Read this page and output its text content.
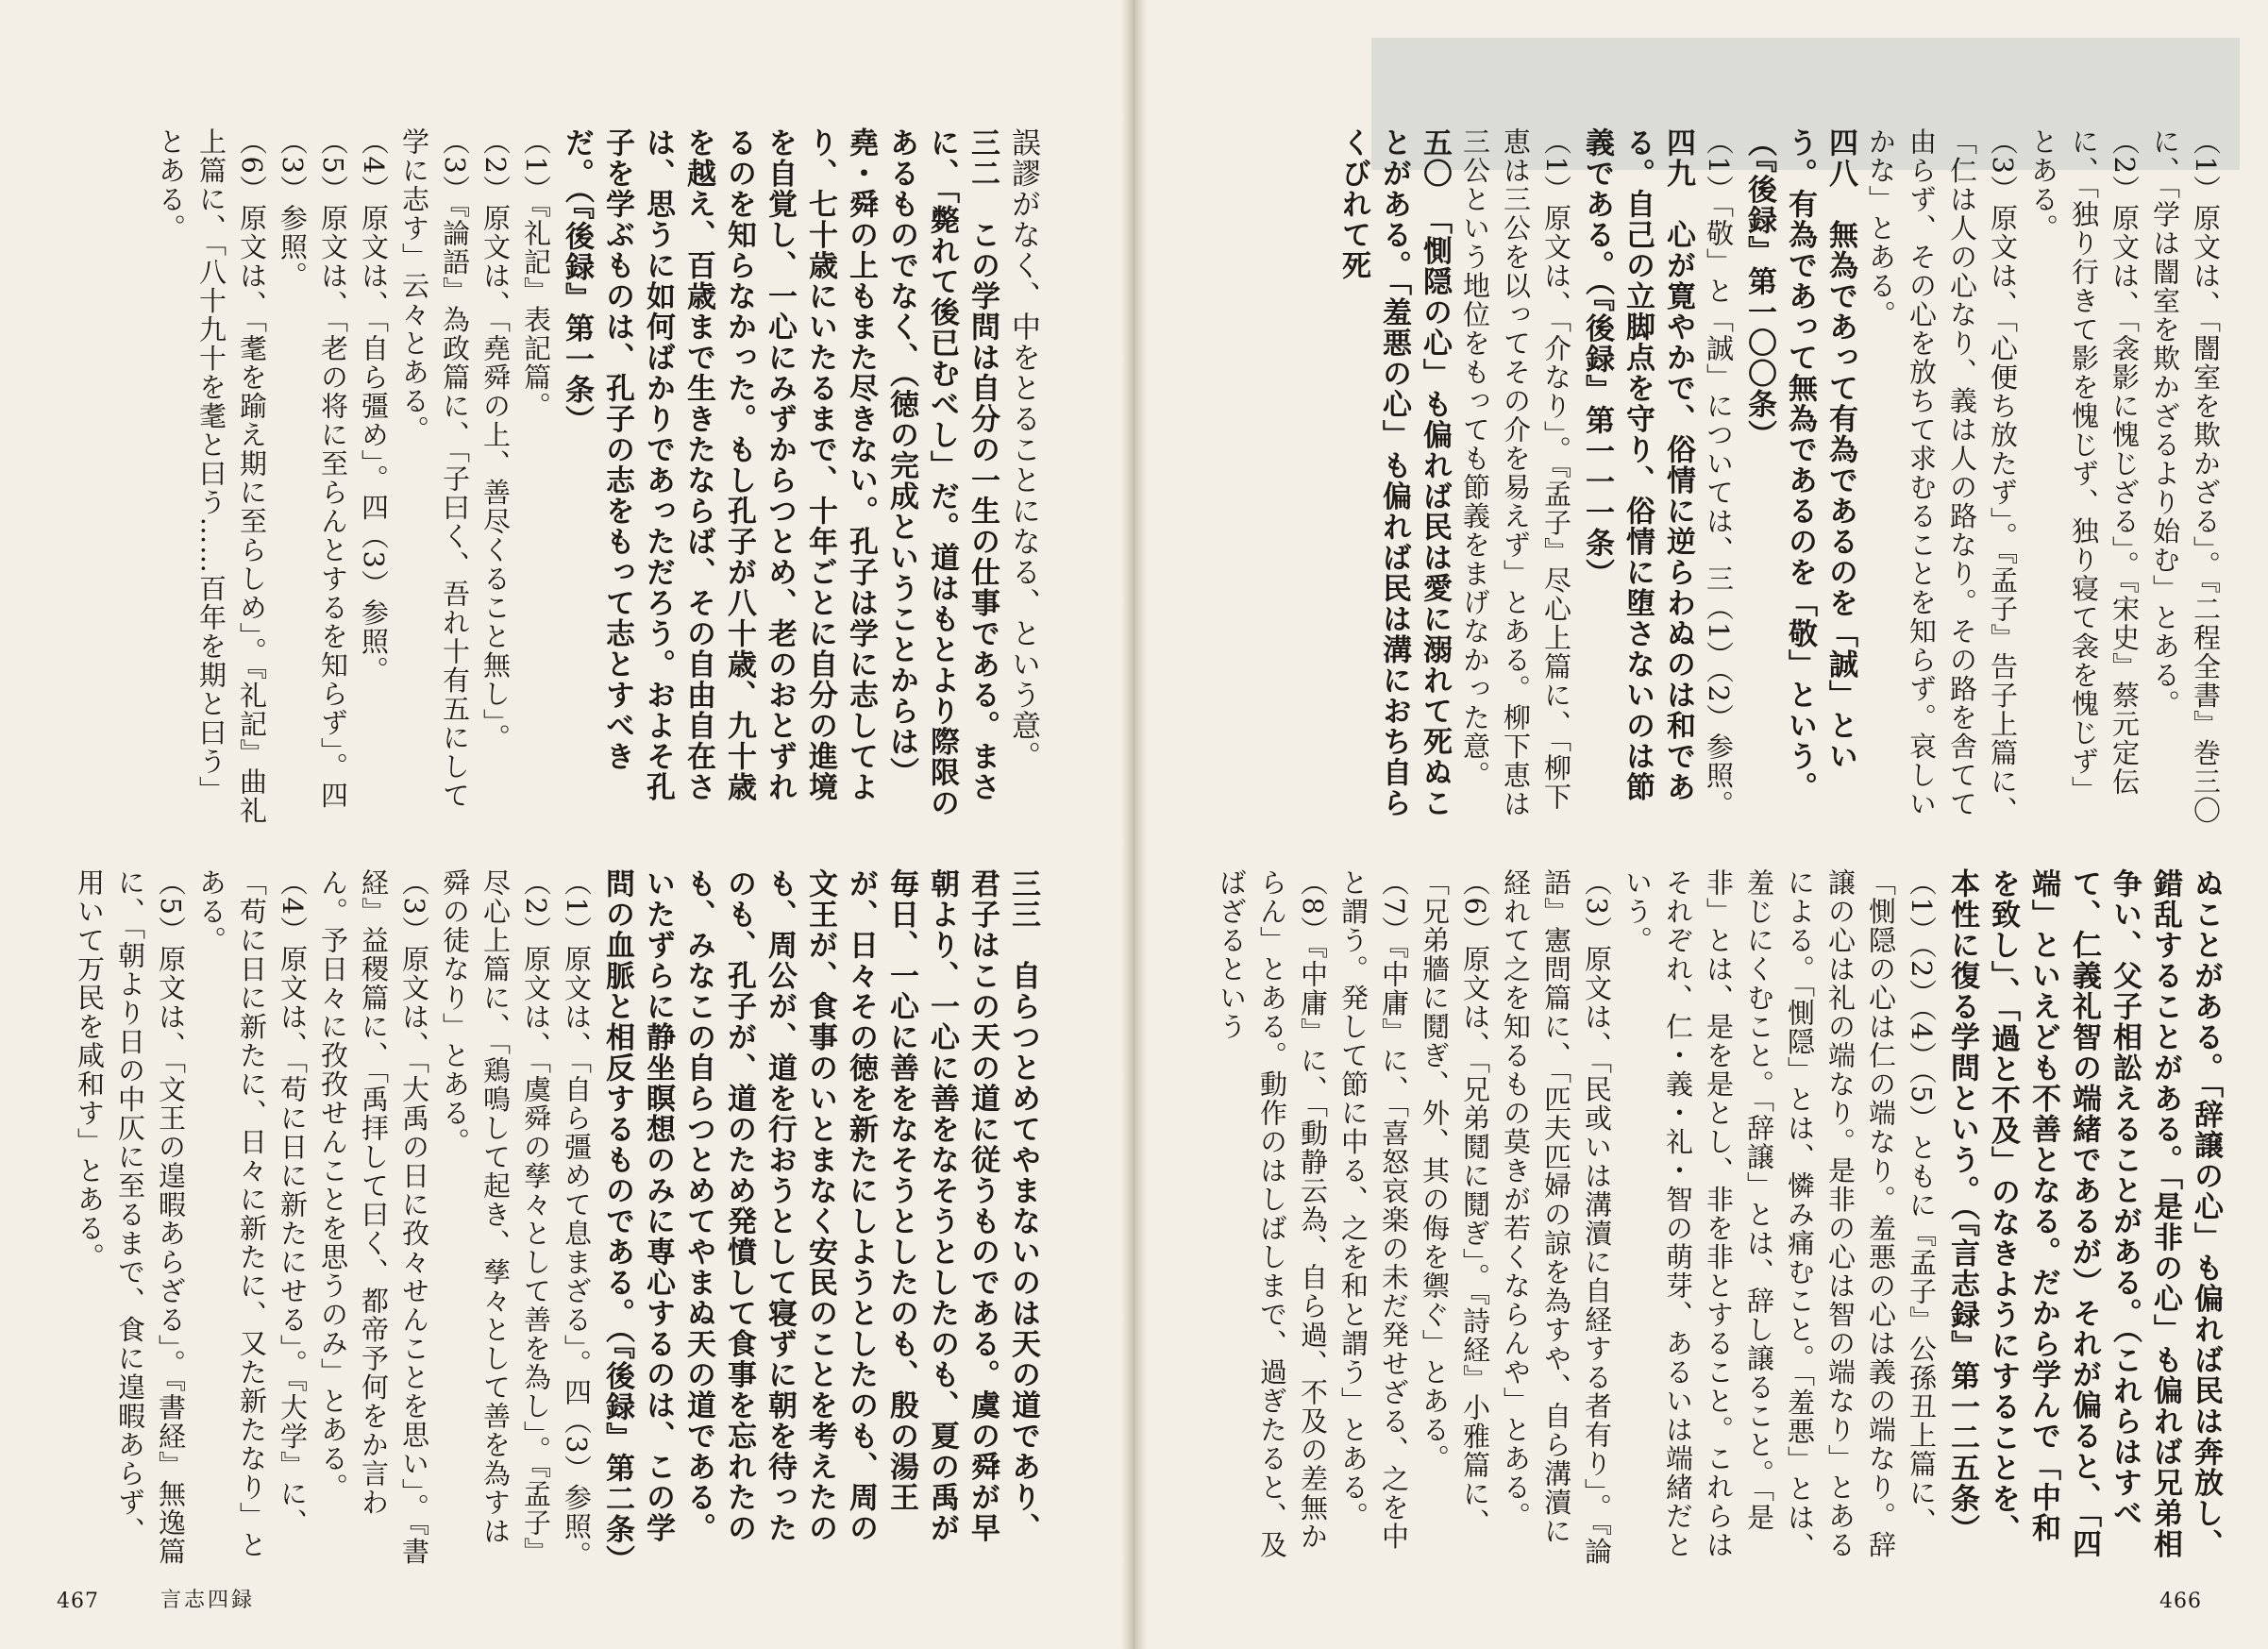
誤謬がなく、中をとることになる、という意。

三二　この学問は自分の一生の仕事である。まさに、「斃れて後已むべし」だ。道はもとより際限のあるものでなく、（徳の完成ということからは）堯・舜の上もまた尽きない。孔子は学に志してより、七十歳にいたるまで、十年ごとに自分の進境を自覚し、一心にみずからつとめ、老のおとずれるのを知らなかった。もし孔子が八十歳、九十歳を越え、百歳まで生きたならば、その自由自在さは、思うに如何ばかりであっただろう。およそ孔子を学ぶものは、孔子の志をもって志とすべきだ。（『後録』第一条）

（1）『礼記』表記篇。

（2）原文は、「堯舜の上、善尽くること無し」。

（3）『論語』為政篇に、「子曰く、吾れ十有五にして学に志す」云々とある。

（4）原文は、「自ら彊め」。四（3）参照。

（5）原文は、「老の将に至らんとするを知らず」。四（3）参照。

（6）原文は、「耄を踰え期に至らしめ」。『礼記』曲礼上篇に、「八十九十を耄と曰う……百年を期と曰う」とある。

三三　自らつとめてやまないのは天の道であり、君子はこの天の道に従うものである。虞の舜が早朝より、一心に善をなそうとしたのも、夏の禹が毎日、一心に善をなそうとしたのも、殷の湯王が、日々その徳を新たにしようとしたのも、周の文王が、食事のいとまなく安民のことを考えたのも、周公が、道を行おうとして寝ずに朝を待ったのも、孔子が、道のため発憤して食事を忘れたのも、みなこの自らつとめてやまぬ天の道である。いたずらに静坐瞑想のみに専心するのは、この学問の血脈と相反するものである。（『後録』第二条）

（1）原文は、「自ら彊めて息まざる」。四（3）参照。

（2）原文は、「虞舜の孳々として善を為し」。『孟子』尽心上篇に、「鶏鳴して起き、孳々として善を為すは舜の徒なり」とある。

（3）原文は、「大禹の日に孜々せんことを思い」。『書経』益稷篇に、「禹拝して曰く、都帝予何をか言わん。予日々に孜孜せんことを思うのみ」とある。

（4）原文は、「苟に日に新たにせる」。『大学』に、「苟に日に新たに、日々に新たに、又た新たなり」とある。

（5）原文は、「文王の遑暇あらざる」。『書経』無逸篇に、「朝より日の中仄に至るまで、食に遑暇あらず、用いて万民を咸和す」とある。

467	言志四録

（1）原文は、「闇室を欺かざる」。『二程全書』巻三〇に、「学は闇室を欺かざるより始む」とある。

（2）原文は、「衾影に愧じざる」。『宋史』蔡元定伝に、「独り行きて影を愧じず、独り寝て衾を愧じず」とある。

（3）原文は、「心便ち放たず」。『孟子』告子上篇に、「仁は人の心なり、義は人の路なり。その路を舎てて由らず、その心を放ちて求むることを知らず。哀しいかな」とある。

四八　無為であって有為であるのを「誠」という。有為であって無為であるのを「敬」という。（『後録』第一〇〇条）

（1）「敬」と「誠」については、三（1）（2）参照。

四九　心が寛やかで、俗情に逆らわぬのは和である。自己の立脚点を守り、俗情に堕さないのは節義である。（『後録』第一一一条）

（1）原文は、「介なり」。『孟子』尽心上篇に、「柳下恵は三公を以ってその介を易えず」とある。柳下恵は三公という地位をもっても節義をまげなかった意。

五〇　「惻隠の心」も偏れば民は愛に溺れて死ぬことがある。「羞悪の心」も偏れば民は溝におち自らくびれて死

ぬことがある。「辞譲の心」も偏れば民は奔放し、錯乱することがある。「是非の心」も偏れば兄弟相争い、父子相訟えることがある。（これらはすべて、仁義礼智の端緒であるが）それが偏ると、「四端」といえども不善となる。だから学んで「中和を致し」、「過と不及」のなきようにすることを、本性に復る学問という。（『言志録』第一二五条）

（1）（2）（4）（5）ともに『孟子』公孫丑上篇に、「惻隠の心は仁の端なり。羞悪の心は義の端なり。辞譲の心は礼の端なり。是非の心は智の端なり」とあるによる。「惻隠」とは、憐み痛むこと。「羞悪」とは、羞じにくむこと。「辞譲」とは、辞し譲ること。「是非」とは、是を是とし、非を非とすること。これらはそれぞれ、仁・義・礼・智の萌芽、あるいは端緒だという。

（3）原文は、「民或いは溝瀆に自経する者有り」。『論語』憲問篇に、「匹夫匹婦の諒を為すや、自ら溝瀆に経れて之を知るもの莫きが若くならんや」とある。

（6）原文は、「兄弟鬩に鬩ぎ」。『詩経』小雅篇に、「兄弟牆に鬩ぎ、外、其の侮を禦ぐ」とある。

（7）『中庸』に、「喜怒哀楽の未だ発せざる、之を中と謂う。発して節に中る、之を和と謂う」とある。

（8）『中庸』に、「動静云為、自ら過、不及の差無からん」とある。動作のはしばしまで、過ぎたると、及ばざるという

466
